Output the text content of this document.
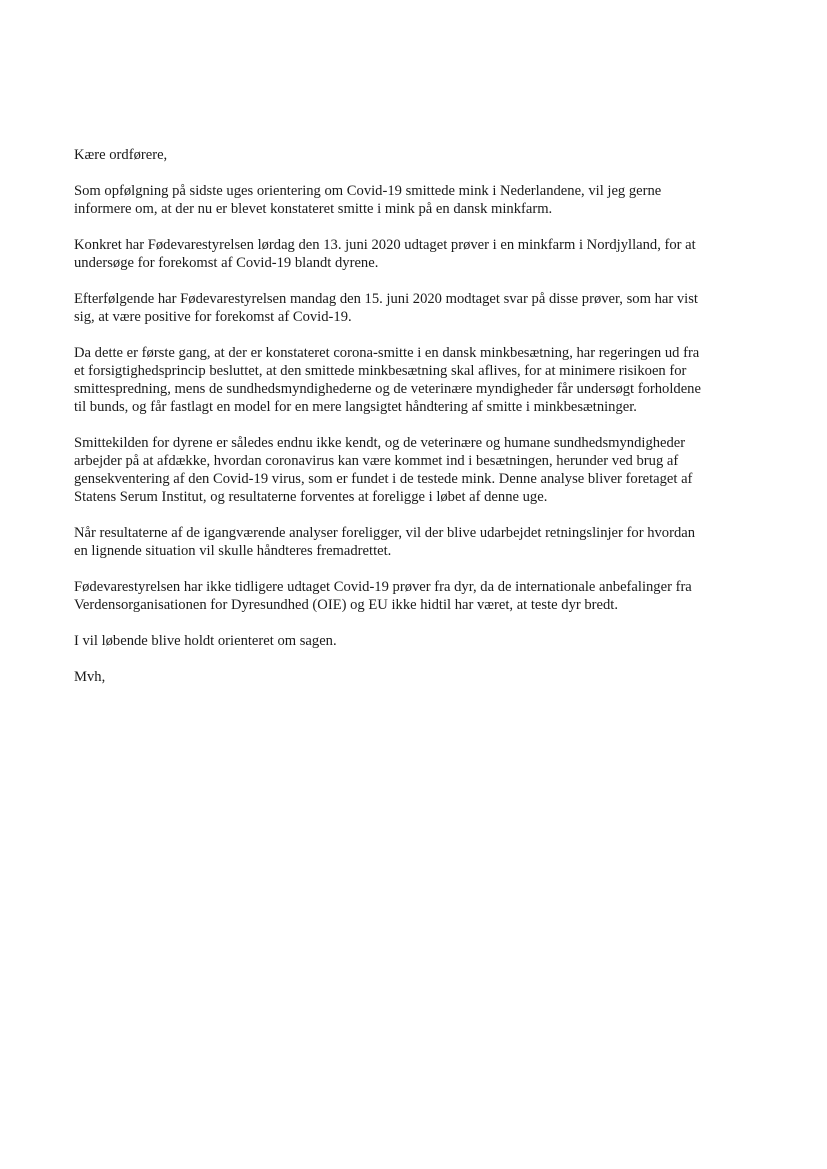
Kære ordførere,

Som opfølgning på sidste uges orientering om Covid-19 smittede mink i Nederlandene, vil jeg gerne
informere om, at der nu er blevet konstateret smitte i mink på en dansk minkfarm.

Konkret har Fødevarestyrelsen lørdag den 13. juni 2020 udtaget prøver i en minkfarm i Nordjylland, for at
undersøge for forekomst af Covid-19 blandt dyrene.

Efterfølgende har Fødevarestyrelsen mandag den 15. juni 2020 modtaget svar på disse prøver, som har vist
sig, at være positive for forekomst af Covid-19.

Da dette er første gang, at der er konstateret corona-smitte i en dansk minkbesætning, har regeringen ud fra
et forsigtighedsprincip besluttet, at den smittede minkbesætning skal aflives, for at minimere risikoen for
smittespredning, mens de sundhedsmyndighederne og de veterinære myndigheder får undersøgt forholdene
til bunds, og får fastlagt en model for en mere langsigtet håndtering af smitte i minkbesætninger.

Smittekilden for dyrene er således endnu ikke kendt, og de veterinære og humane sundhedsmyndigheder
arbejder på at afdække, hvordan coronavirus kan være kommet ind i besætningen, herunder ved brug af
gensekventering af den Covid-19 virus, som er fundet i de testede mink. Denne analyse bliver foretaget af
Statens Serum Institut, og resultaterne forventes at foreligge i løbet af denne uge.

Når resultaterne af de igangværende analyser foreligger, vil der blive udarbejdet retningslinjer for hvordan
en lignende situation vil skulle håndteres fremadrettet.

Fødevarestyrelsen har ikke tidligere udtaget Covid-19 prøver fra dyr, da de internationale anbefalinger fra
Verdensorganisationen for Dyresundhed (OIE) og EU ikke hidtil har været, at teste dyr bredt.

I vil løbende blive holdt orienteret om sagen.

Mvh,
